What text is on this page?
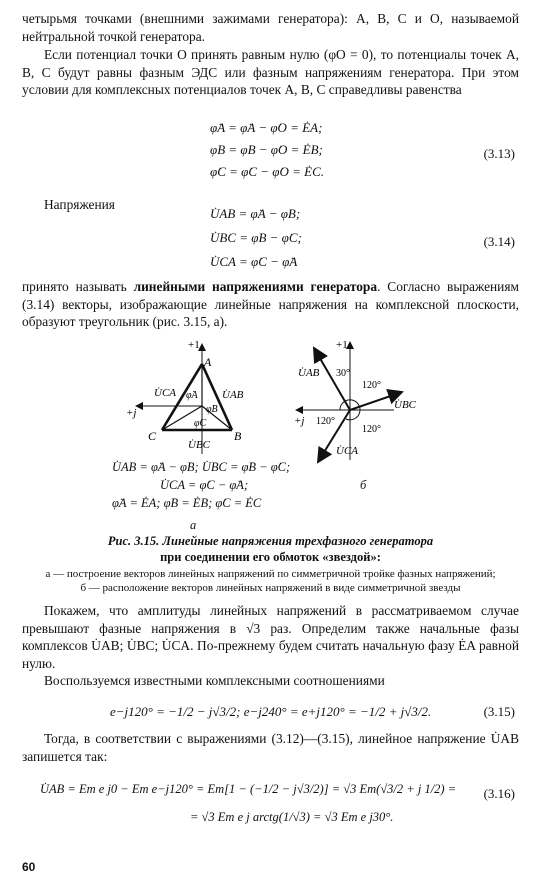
четырьмя точками (внешними зажимами генератора): A, B, C и O, называемой нейтральной точкой генератора.
Если потенциал точки O принять равным нулю (φO = 0), то потенциалы точек A, B, C будут равны фазным ЭДС или фазным напряжениям генератора. При этом условии для комплексных потенциалов точек A, B, C справедливы равенства
φ̇A = φ̇A − φ̇O = ĖA;
φ̇B = φ̇B − φ̇O = ĖB;
φ̇C = φ̇C − φ̇O = ĖC.
(3.13)
Напряжения
U̇AB = φ̇A − φ̇B;
U̇BC = φ̇B − φ̇C;
U̇CA = φ̇C − φ̇A
(3.14)
принято называть линейными напряжениями генератора. Согласно выражениям (3.14) векторы, изображающие линейные напряжения на комплексной плоскости, образуют треугольник (рис. 3.15, а).
+1
+j
A
B
C
U̇CA	U̇AB
U̇BC
φ̇A
φ̇B
φ̇C
U̇AB = φ̇A − φ̇B; U̇BC = φ̇B − φ̇C;
U̇CA = φ̇C − φ̇A;
φ̇A = ĖA; φ̇B = ĖB; φ̇C = ĖC
а
+1
+j
U̇AB
U̇BC
U̇CA
30°
120°
120°
120°
б
Рис. 3.15. Линейные напряжения трехфазного генератора
при соединении его обмоток «звездой»:
а — построение векторов линейных напряжений по симметричной тройке фазных напряжений;
б — расположение векторов линейных напряжений в виде симметричной звезды
Покажем, что амплитуды линейных напряжений в рассматриваемом случае превышают фазные напряжения в √3 раз. Определим также начальные фазы комплексов U̇AB; U̇BC; U̇CA. По-прежнему будем считать начальную фазу ĖA равной нулю.
Воспользуемся известными комплексными соотношениями
e−j120° = −1/2 − j√3/2; e−j240° = e+j120° = −1/2 + j√3/2.	(3.15)
Тогда, в соответствии с выражениями (3.12)—(3.15), линейное напряжение U̇AB запишется так:
U̇AB = Em e j0 − Em e−j120° = Em[1 − (−1/2 − j√3/2)] = √3 Em(√3/2 + j 1/2) =
= √3 Em e j arctg(1/√3) = √3 Em e j30°.
(3.16)
60
